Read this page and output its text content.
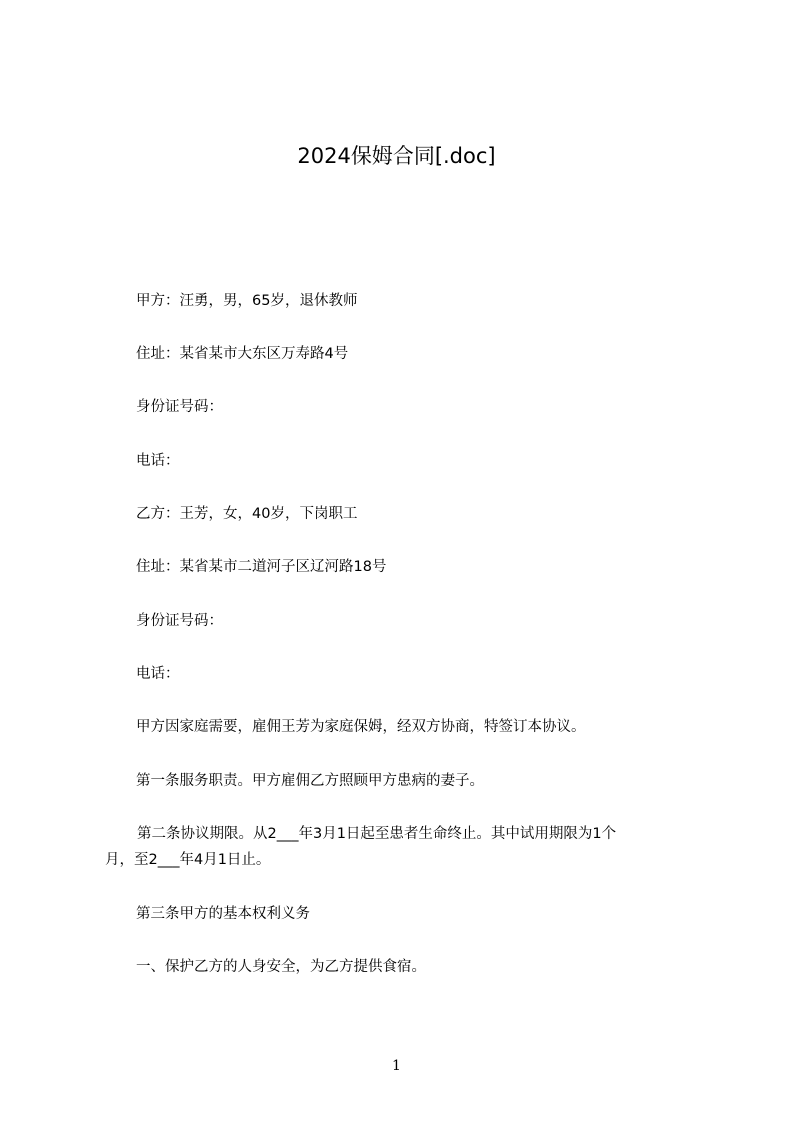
2024保姆合同[.doc]
甲方：汪勇，男，65岁，退休教师
住址：某省某市大东区万寿路4号
身份证号码：
电话：
乙方：王芳，女，40岁，下岗职工
住址：某省某市二道河子区辽河路18号
身份证号码：
电话：
甲方因家庭需要，雇佣王芳为家庭保姆，经双方协商，特签订本协议。
第一条服务职责。甲方雇佣乙方照顾甲方患病的妻子。
第二条协议期限。从2___年3月1日起至患者生命终止。其中试用期限为1个
月，至2___年4月1日止。
第三条甲方的基本权利义务
一、保护乙方的人身安全，为乙方提供食宿。
1
